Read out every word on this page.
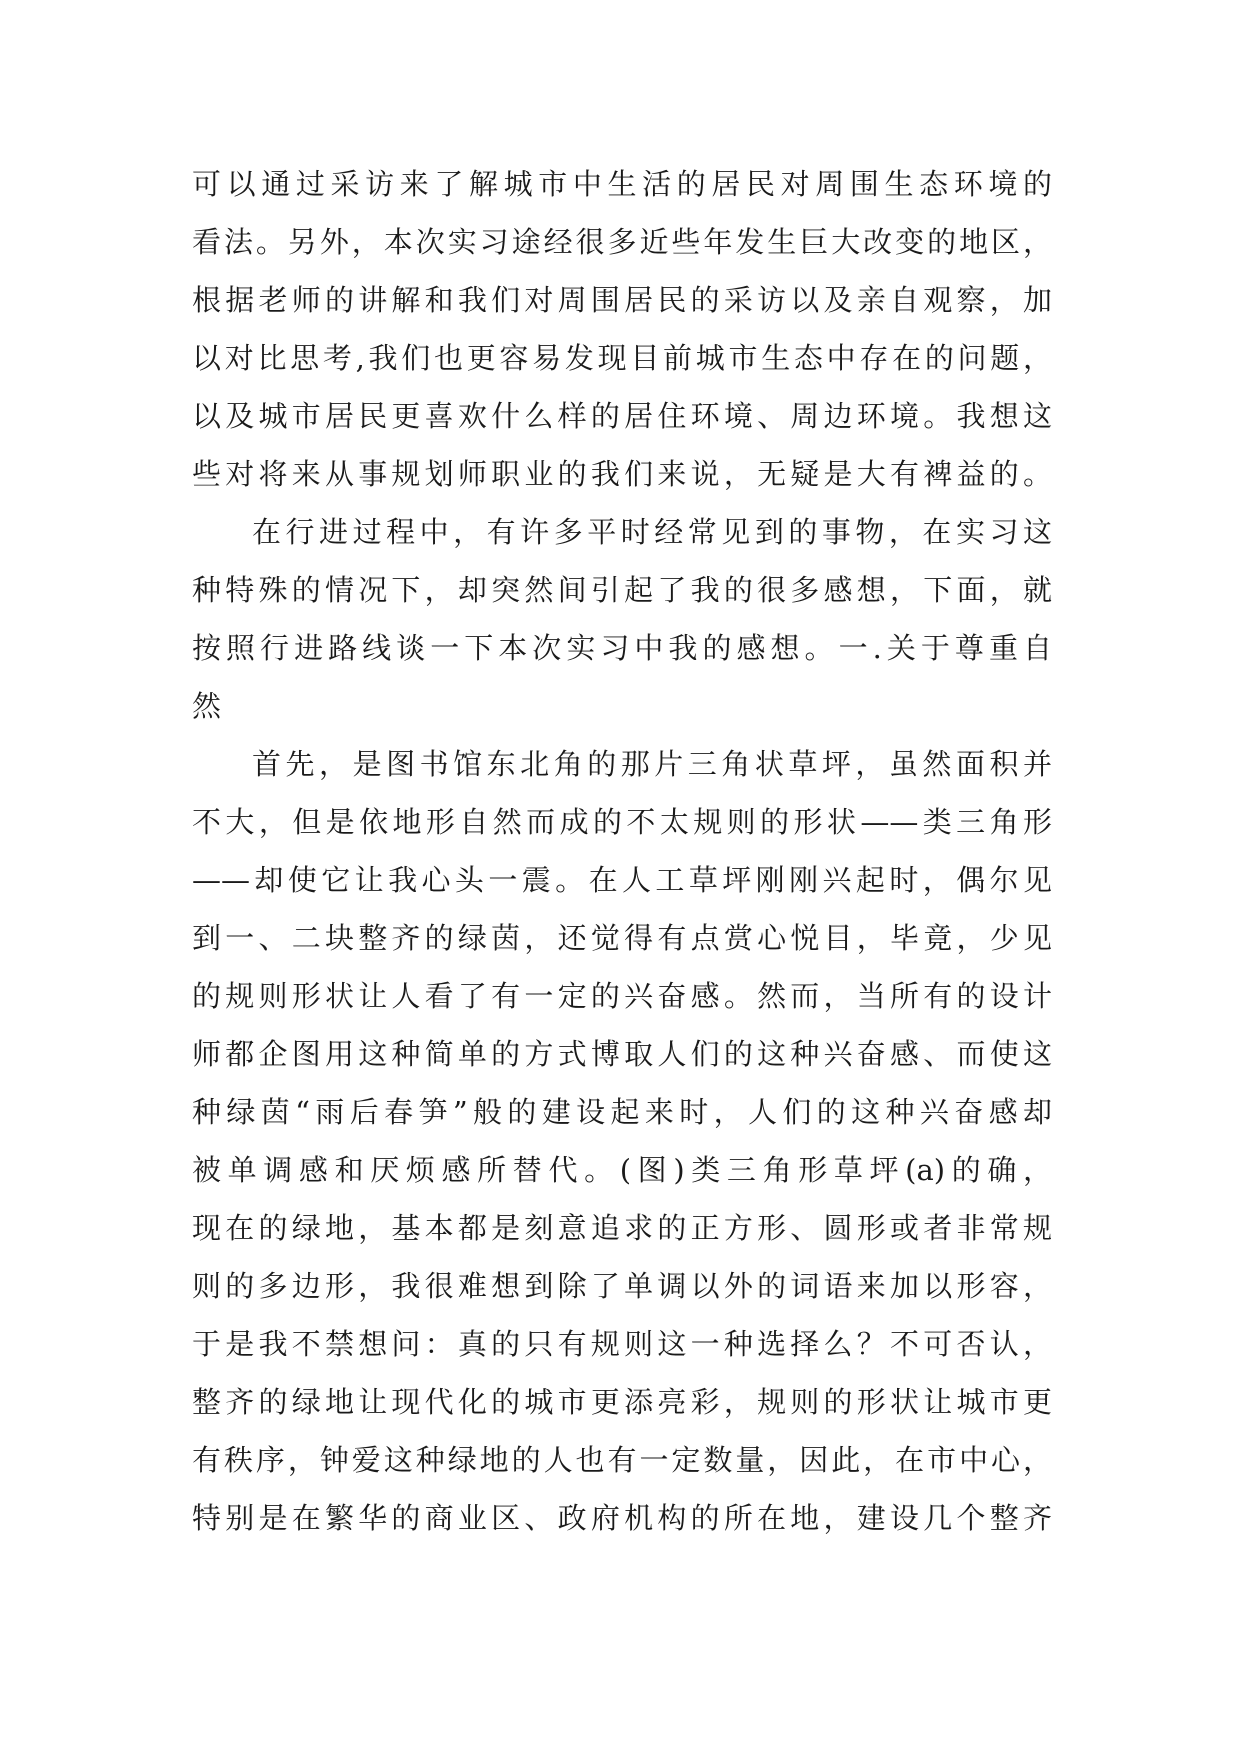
可以通过采访来了解城市中生活的居民对周围生态环境的
看法。另外，本次实习途经很多近些年发生巨大改变的地区，
根据老师的讲解和我们对周围居民的采访以及亲自观察，加
以对比思考,我们也更容易发现目前城市生态中存在的问题，
以及城市居民更喜欢什么样的居住环境、周边环境。我想这
些对将来从事规划师职业的我们来说，无疑是大有裨益的。
在行进过程中，有许多平时经常见到的事物，在实习这
种特殊的情况下，却突然间引起了我的很多感想，下面，就
按照行进路线谈一下本次实习中我的感想。一.关于尊重自
然
首先，是图书馆东北角的那片三角状草坪，虽然面积并
不大，但是依地形自然而成的不太规则的形状——类三角形
——却使它让我心头一震。在人工草坪刚刚兴起时，偶尔见
到一、二块整齐的绿茵，还觉得有点赏心悦目，毕竟，少见
的规则形状让人看了有一定的兴奋感。然而，当所有的设计
师都企图用这种简单的方式博取人们的这种兴奋感、而使这
种绿茵“雨后春笋”般的建设起来时，人们的这种兴奋感却
被单调感和厌烦感所替代。(图)类三角形草坪(a)的确，
现在的绿地，基本都是刻意追求的正方形、圆形或者非常规
则的多边形，我很难想到除了单调以外的词语来加以形容，
于是我不禁想问：真的只有规则这一种选择么？不可否认，
整齐的绿地让现代化的城市更添亮彩，规则的形状让城市更
有秩序，钟爱这种绿地的人也有一定数量，因此，在市中心，
特别是在繁华的商业区、政府机构的所在地，建设几个整齐
